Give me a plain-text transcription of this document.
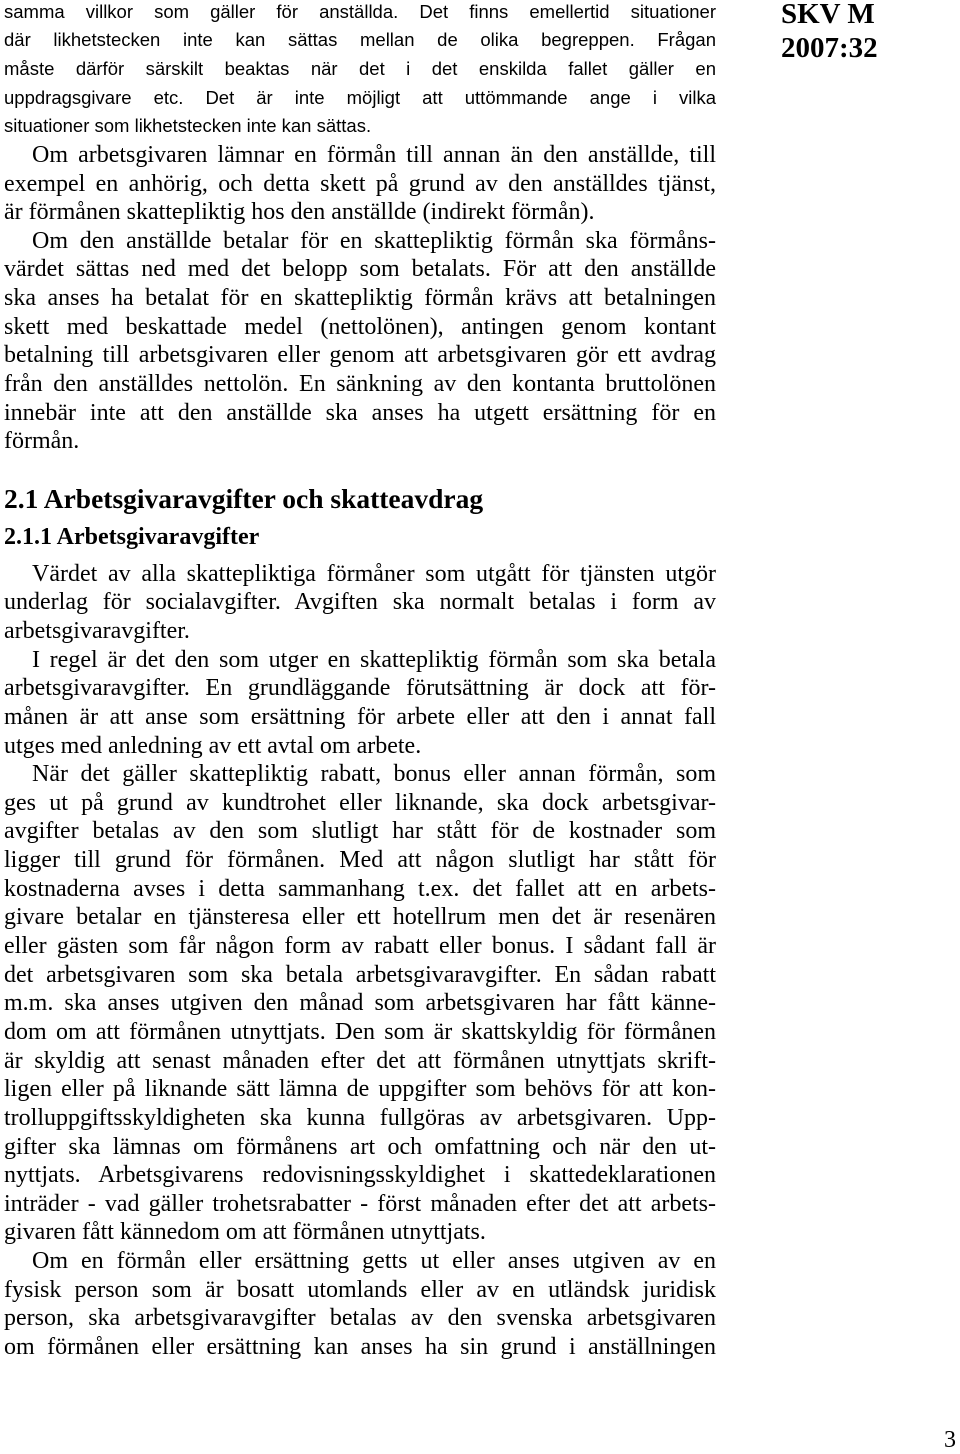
SKV M
2007:32
samma villkor som gäller för anställda. Det finns emellertid situationer
där likhetstecken inte kan sättas mellan de olika begreppen. Frågan
måste därför särskilt beaktas när det i det enskilda fallet gäller en
uppdragsgivare etc. Det är inte möjligt att uttömmande ange i vilka
situationer som likhetstecken inte kan sättas.
Om arbetsgivaren lämnar en förmån till annan än den anställde, till
exempel en anhörig, och detta skett på grund av den anställdes tjänst,
är förmånen skattepliktig hos den anställde (indirekt förmån).
Om den anställde betalar för en skattepliktig förmån ska förmåns-
värdet sättas ned med det belopp som betalats. För att den anställde
ska anses ha betalat för en skattepliktig förmån krävs att betalningen
skett med beskattade medel (nettolönen), antingen genom kontant
betalning till arbetsgivaren eller genom att arbetsgivaren gör ett avdrag
från den anställdes nettolön. En sänkning av den kontanta bruttolönen
innebär inte att den anställde ska anses ha utgett ersättning för en
förmån.
2.1 Arbetsgivaravgifter och skatteavdrag
2.1.1 Arbetsgivaravgifter
Värdet av alla skattepliktiga förmåner som utgått för tjänsten utgör
underlag för socialavgifter. Avgiften ska normalt betalas i form av
arbetsgivaravgifter.
I regel är det den som utger en skattepliktig förmån som ska betala
arbetsgivaravgifter. En grundläggande förutsättning är dock att för-
månen är att anse som ersättning för arbete eller att den i annat fall
utges med anledning av ett avtal om arbete.
När det gäller skattepliktig rabatt, bonus eller annan förmån, som
ges ut på grund av kundtrohet eller liknande, ska dock arbetsgivar-
avgifter betalas av den som slutligt har stått för de kostnader som
ligger till grund för förmånen. Med att någon slutligt har stått för
kostnaderna avses i detta sammanhang t.ex. det fallet att en arbets-
givare betalar en tjänsteresa eller ett hotellrum men det är resenären
eller gästen som får någon form av rabatt eller bonus. I sådant fall är
det arbetsgivaren som ska betala arbetsgivaravgifter. En sådan rabatt
m.m. ska anses utgiven den månad som arbetsgivaren har fått känne-
dom om att förmånen utnyttjats. Den som är skattskyldig för förmånen
är skyldig att senast månaden efter det att förmånen utnyttjats skrift-
ligen eller på liknande sätt lämna de uppgifter som behövs för att kon-
trolluppgiftsskyldigheten ska kunna fullgöras av arbetsgivaren. Upp-
gifter ska lämnas om förmånens art och omfattning och när den ut-
nyttjats. Arbetsgivarens redovisningsskyldighet i skattedeklarationen
inträder - vad gäller trohetsrabatter - först månaden efter det att arbets-
givaren fått kännedom om att förmånen utnyttjats.
Om en förmån eller ersättning getts ut eller anses utgiven av en
fysisk person som är bosatt utomlands eller av en utländsk juridisk
person, ska arbetsgivaravgifter betalas av den svenska arbetsgivaren
om förmånen eller ersättning kan anses ha sin grund i anställningen
3
